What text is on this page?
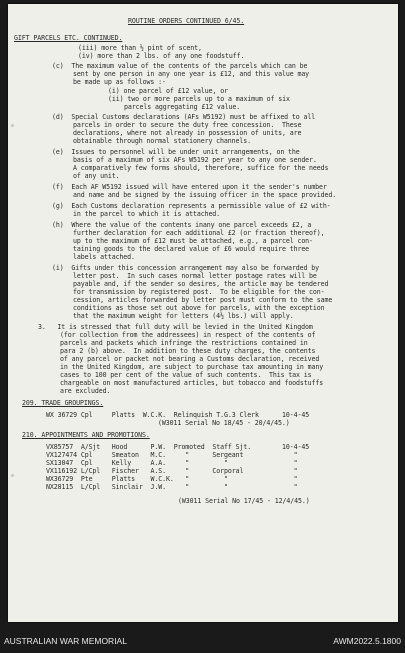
ROUTINE ORDERS CONTINUED 6/45.
GIFT PARCELS ETC. CONTINUED.
(iii) more than ½ pint of scent,
(iv) more than 2 lbs. of any one foodstuff.
(c)  The maximum value of the contents of the parcels which can be
sent by one person in any one year is £12, and this value may
be made up as follows :-
(i) one parcel of £12 value, or
(ii) two or more parcels up to a maximum of six
parcels aggregating £12 value.
(d)  Special Customs declarations (AFs W5192) must be affixed to all
parcels in order to secure the duty free concession.  These
declarations, where not already in possession of units, are
obtainable through normal stationery channels.
(e)  Issues to personnel will be under unit arrangements, on the
basis of a maximum of six AFs W5192 per year to any one sender.
A comparatively few forms should, therefore, suffice for the needs
of any unit.
(f)  Each AF W5192 issued will have entered upon it the sender's number
and name and be signed by the issuing officer in the space provided.
(g)  Each Customs declaration represents a permissible value of £2 with-
in the parcel to which it is attached.
(h)  Where the value of the contents inany one parcel exceeds £2, a
further declaration for each additional £2 (or fraction thereof),
up to the maximum of £12 must be attached, e.g., a parcel con-
taining goods to the declared value of £6 would require three
labels attached.
(i)  Gifts under this concession arrangement may also be forwarded by
letter post.  In such cases normal letter postage rates will be
payable and, if the sender so desires, the article may be tendered
for transmission by registered post.  To be eligible for the con-
cession, articles forwarded by letter post must conform to the same
conditions as those set out above for parcels, with the exception
that the maximum weight for letters (4½ lbs.) will apply.
3.   It is stressed that full duty will be levied in the United Kingdom
(for collection from the addressees) in respect of the contents of
parcels and packets which infringe the restrictions contained in
para 2 (b) above.  In addition to these duty charges, the contents
of any parcel or packet not bearing a Customs declaration, received
in the United Kingdom, are subject to purchase tax amounting in many
cases to 100 per cent of the value of such contents.  This tax is
chargeable on most manufactured articles, but tobacco and foodstuffs
are excluded.
209. TRADE GROUPINGS.
WX 36729 Cpl     Platts  W.C.K.  Relinquish T.G.3 Clerk      10-4-45
(W3011 Serial No 18/45 - 20/4/45.)
210. APPOINTMENTS AND PROMOTIONS.
VX85757  A/Sjt   Hood      P.W.  Promoted  Staff Sjt.        10-4-45
VX127474 Cpl     Smeaton   M.C.     "      Sergeant             "
SX13047  Cpl     Kelly     A.A.     "         "                 "
VX116192 L/Cpl   Fischer   A.S.     "      Corporal             "
WX36729  Pte     Platts    W.C.K.   "         "                 "
NX28115  L/Cpl   Sinclair  J.W.     "         "                 "
(W3011 Serial No 17/45 - 12/4/45.)
AUSTRALIAN WAR MEMORIAL	AWM2022.5.1800
